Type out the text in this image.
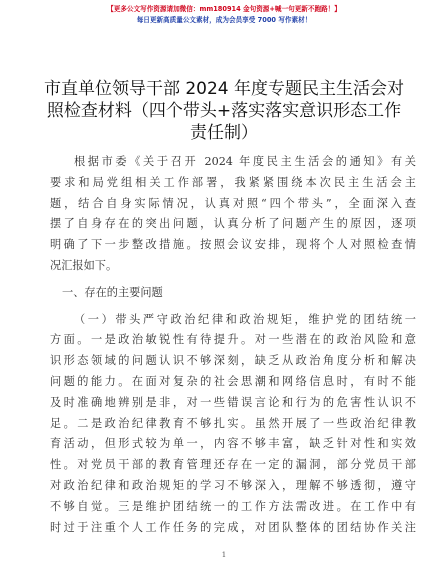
【更多公文写作资源请加微信：mm180914 金句资源+喊一句更新不跑路！】
每日更新高质量公文素材，成为会员享受 7000 写作素材！
市直单位领导干部 2024 年度专题民主生活会对
照检查材料（四个带头+落实落实意识形态工作
责任制）
根据市委《关于召开 2024 年度民主生活会的通知》有关
要求和局党组相关工作部署，我紧紧围绕本次民主生活会主
题，结合自身实际情况，认真对照“四个带头”，全面深入查
摆了自身存在的突出问题，认真分析了问题产生的原因，逐项
明确了下一步整改措施。按照会议安排，现将个人对照检查情
况汇报如下。
一、存在的主要问题
（一）带头严守政治纪律和政治规矩，维护党的团结统一
方面。一是政治敏锐性有待提升。对一些潜在的政治风险和意
识形态领域的问题认识不够深刻，缺乏从政治角度分析和解决
问题的能力。在面对复杂的社会思潮和网络信息时，有时不能
及时准确地辨别是非，对一些错误言论和行为的危害性认识不
足。二是政治纪律教育不够扎实。虽然开展了一些政治纪律教
育活动，但形式较为单一，内容不够丰富，缺乏针对性和实效
性。对党员干部的教育管理还存在一定的漏洞，部分党员干部
对政治纪律和政治规矩的学习不够深入，理解不够透彻，遵守
不够自觉。三是维护团结统一的工作方法需改进。在工作中有
时过于注重个人工作任务的完成，对团队整体的团结协作关注
1
